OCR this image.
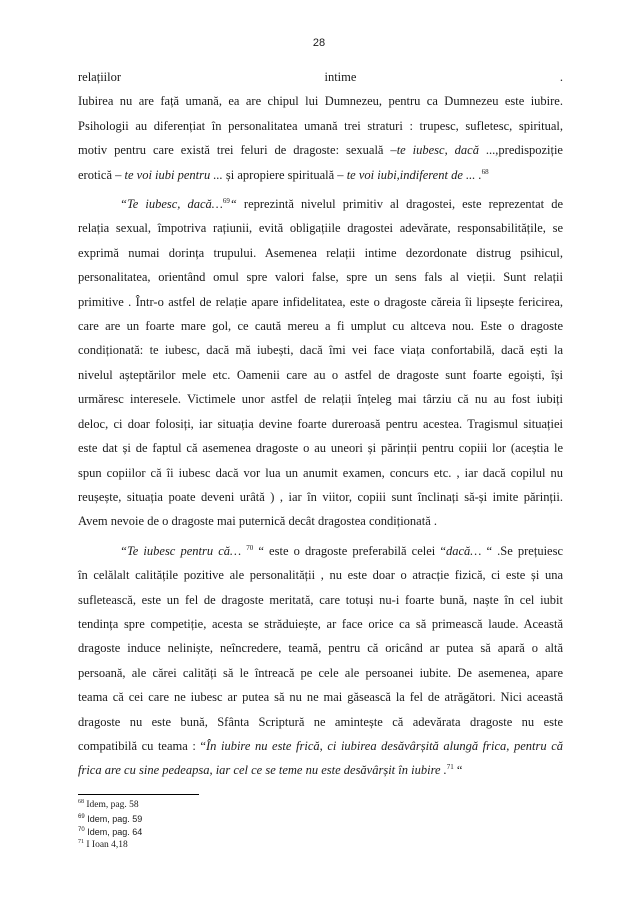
28
relațiilor	intime	.

Iubirea nu are față umană, ea are chipul lui Dumnezeu, pentru ca Dumnezeu este iubire.

Psihologii au diferențiat în personalitatea umană trei straturi : trupesc, sufletesc, spiritual,

motiv pentru care există trei feluri de dragoste: sexuală –te iubesc, dacă ...,predispoziție

erotică – te voi iubi pentru ... și apropiere spirituală – te voi iubi,indiferent de ... .$^{68}$

“Te iubesc, dacă…$^{69}$“ reprezintă nivelul primitiv al dragostei, este reprezentat de

relația sexual, împotriva rațiunii, evită obligațiile dragostei adevărate, responsabilitățile, se

exprimă numai dorința trupului. Asemenea relații intime dezordonate distrug psihicul,

personalitatea, orientând omul spre valori false, spre un sens fals al vieții. Sunt relații

primitive . Într-o astfel de relație apare infidelitatea, este o dragoste căreia îi lipsește fericirea,

care are un foarte mare gol, ce caută mereu a fi umplut cu altceva nou. Este o dragoste

condiționată: te iubesc, dacă mă iubești, dacă îmi vei face viața confortabilă, dacă ești la

nivelul așteptărilor mele etc. Oamenii care au o astfel de dragoste sunt foarte egoiști, își

urmăresc interesele. Victimele unor astfel de relații înțeleg mai târziu că nu au fost iubiți

deloc, ci doar folosiți, iar situația devine foarte dureroasă pentru acestea. Tragismul situației

este dat și de faptul că asemenea dragoste o au uneori și părinții pentru copiii lor (aceștia le

spun copiilor că îi iubesc dacă vor lua un anumit examen, concurs etc. , iar dacă copilul nu

reușește, situația poate deveni urâtă ) , iar în viitor, copiii sunt înclinați să-și imite părinții.

Avem nevoie de o dragoste mai puternică decât dragostea condiționată .

“Te iubesc pentru că… $^{70}$ “ este o dragoste preferabilă celei “dacă… “ .Se prețuiesc

în celălalt calitățile pozitive ale personalității , nu este doar o atracție fizică, ci este și una

sufletească, este un fel de dragoste meritată, care totuși nu-i foarte bună, naște în cel iubit

tendința spre competiție, acesta se străduiește, ar face orice ca să primească laude. Această

dragoste induce neliniște, neîncredere, teamă, pentru că oricând ar putea să apară o altă

persoană, ale cărei calități să le întreacă pe cele ale persoanei iubite. De asemenea, apare

teama că cei care ne iubesc ar putea să nu ne mai găsească la fel de atrăgători. Nici această

dragoste nu este bună, Sfânta Scriptură ne amintește că adevărata dragoste nu este

compatibilă cu teama : “În iubire nu este frică, ci iubirea desăvârșită alungă frica, pentru că

frica are cu sine pedeapsa, iar cel ce se teme nu este desăvârșit în iubire .$^{71}$ “

$^{68}$ Idem, pag. 58
$^{69}$ Idem, pag. 59
$^{70}$ Idem, pag. 64
$^{71}$ I Ioan 4,18
